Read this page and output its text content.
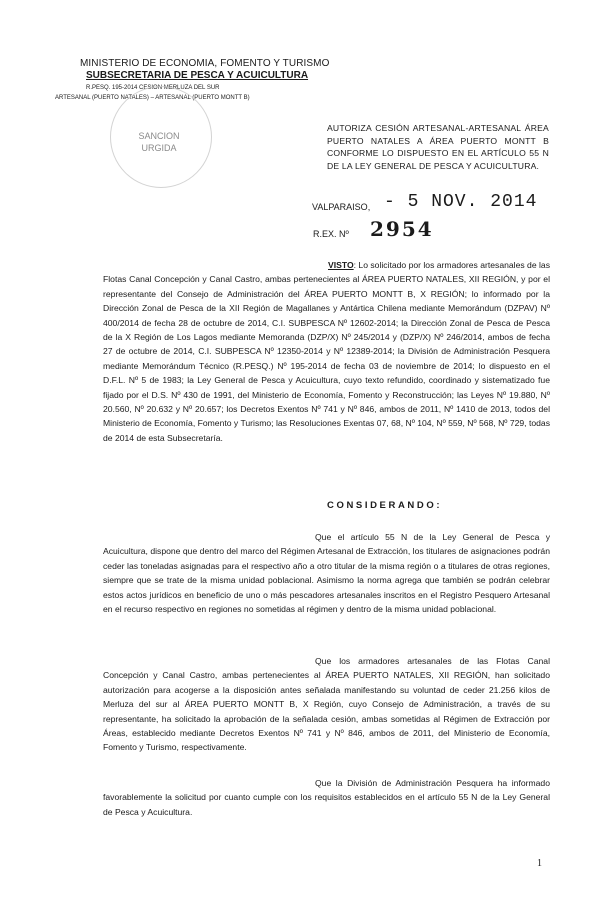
MINISTERIO DE ECONOMIA, FOMENTO Y TURISMO
SUBSECRETARIA DE PESCA Y ACUICULTURA
R.PESQ. 195-2014 CESION MERLUZA DEL SUR
ARTESANAL (PUERTO NATALES) – ARTESANAL (PUERTO MONTT B)
SANCION URGIDA
AUTORIZA CESIÓN ARTESANAL-ARTESANAL ÁREA PUERTO NATALES A ÁREA PUERTO MONTT B CONFORME LO DISPUESTO EN EL ARTÍCULO 55 N DE LA LEY GENERAL DE PESCA Y ACUICULTURA.
VALPARAISO, - 5 NOV. 2014
R.EX. Nº 2954
VISTO: Lo solicitado por los armadores artesanales de las Flotas Canal Concepción y Canal Castro, ambas pertenecientes al ÁREA PUERTO NATALES, XII REGIÓN, y por el representante del Consejo de Administración del ÁREA PUERTO MONTT B, X REGIÓN; lo informado por la Dirección Zonal de Pesca de la XII Región de Magallanes y Antártica Chilena mediante Memorándum (DZPAV) Nº 400/2014 de fecha 28 de octubre de 2014, C.I. SUBPESCA Nº 12602-2014; la Dirección Zonal de Pesca de Pesca de la X Región de Los Lagos mediante Memoranda (DZP/X) Nº 245/2014 y (DZP/X) Nº 246/2014, ambos de fecha 27 de octubre de 2014, C.I. SUBPESCA Nº 12350-2014 y Nº 12389-2014; la División de Administración Pesquera mediante Memorándum Técnico (R.PESQ.) Nº 195-2014 de fecha 03 de noviembre de 2014; lo dispuesto en el D.F.L. Nº 5 de 1983; la Ley General de Pesca y Acuicultura, cuyo texto refundido, coordinado y sistematizado fue fijado por el D.S. Nº 430 de 1991, del Ministerio de Economía, Fomento y Reconstrucción; las Leyes Nº 19.880, Nº 20.560, Nº 20.632 y Nº 20.657; los Decretos Exentos Nº 741 y Nº 846, ambos de 2011, Nº 1410 de 2013, todos del Ministerio de Economía, Fomento y Turismo; las Resoluciones Exentas 07, 68, Nº 104, Nº 559, Nº 568, Nº 729, todas de 2014 de esta Subsecretaría.
CONSIDERANDO:

Que el artículo 55 N de la Ley General de Pesca y Acuicultura, dispone que dentro del marco del Régimen Artesanal de Extracción, los titulares de asignaciones podrán ceder las toneladas asignadas para el respectivo año a otro titular de la misma región o a titulares de otras regiones, siempre que se trate de la misma unidad poblacional. Asimismo la norma agrega que también se podrán celebrar estos actos jurídicos en beneficio de uno o más pescadores artesanales inscritos en el Registro Pesquero Artesanal en el recurso respectivo en regiones no sometidas al régimen y dentro de la misma unidad poblacional.

Que los armadores artesanales de las Flotas Canal Concepción y Canal Castro, ambas pertenecientes al ÁREA PUERTO NATALES, XII REGIÓN, han solicitado autorización para acogerse a la disposición antes señalada manifestando su voluntad de ceder 21.256 kilos de Merluza del sur al ÁREA PUERTO MONTT B, X Región, cuyo Consejo de Administración, a través de su representante, ha solicitado la aprobación de la señalada cesión, ambas sometidas al Régimen de Extracción por Áreas, establecido mediante Decretos Exentos Nº 741 y Nº 846, ambos de 2011, del Ministerio de Economía, Fomento y Turismo, respectivamente.

Que la División de Administración Pesquera ha informado favorablemente la solicitud por cuanto cumple con los requisitos establecidos en el artículo 55 N de la Ley General de Pesca y Acuicultura.

1
